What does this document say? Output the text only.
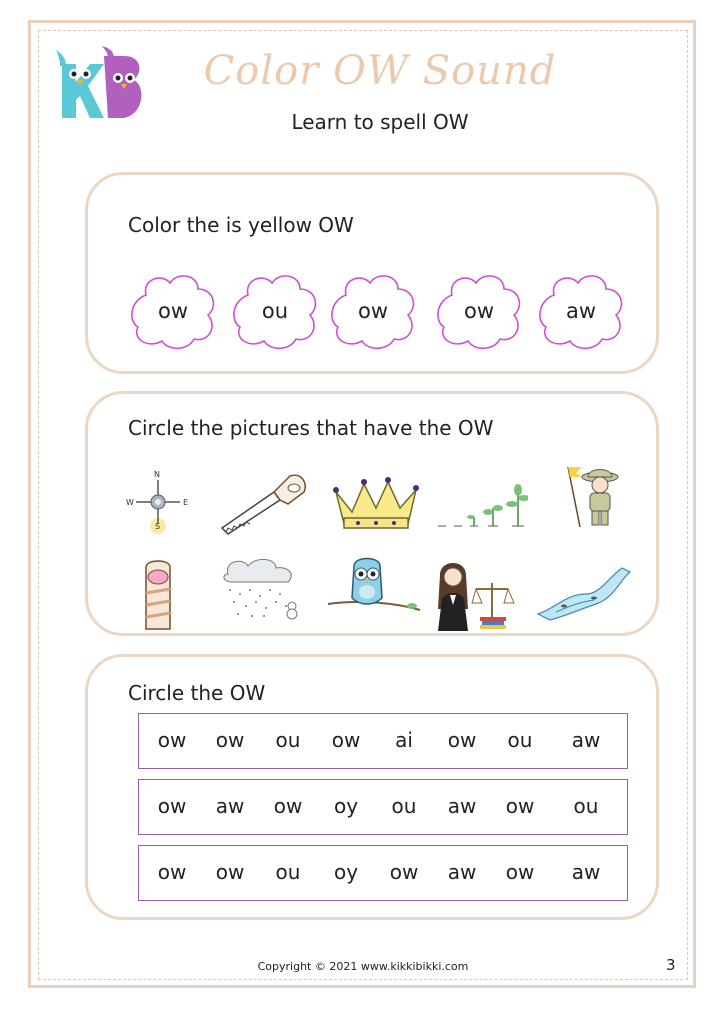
Color OW Sound
Learn to spell OW
Color the is yellow OW
ow	ou	ow	ow	aw
Circle the pictures that have the OW
N
W	E
S
Circle the OW
ow	ow	ou	ow	ai	ow	ou	aw
ow	aw	ow	oy	ou	aw	ow	ou
ow	ow	ou	oy	ow	aw	ow	aw
Copyright © 2021 www.kikkibikki.com	3
